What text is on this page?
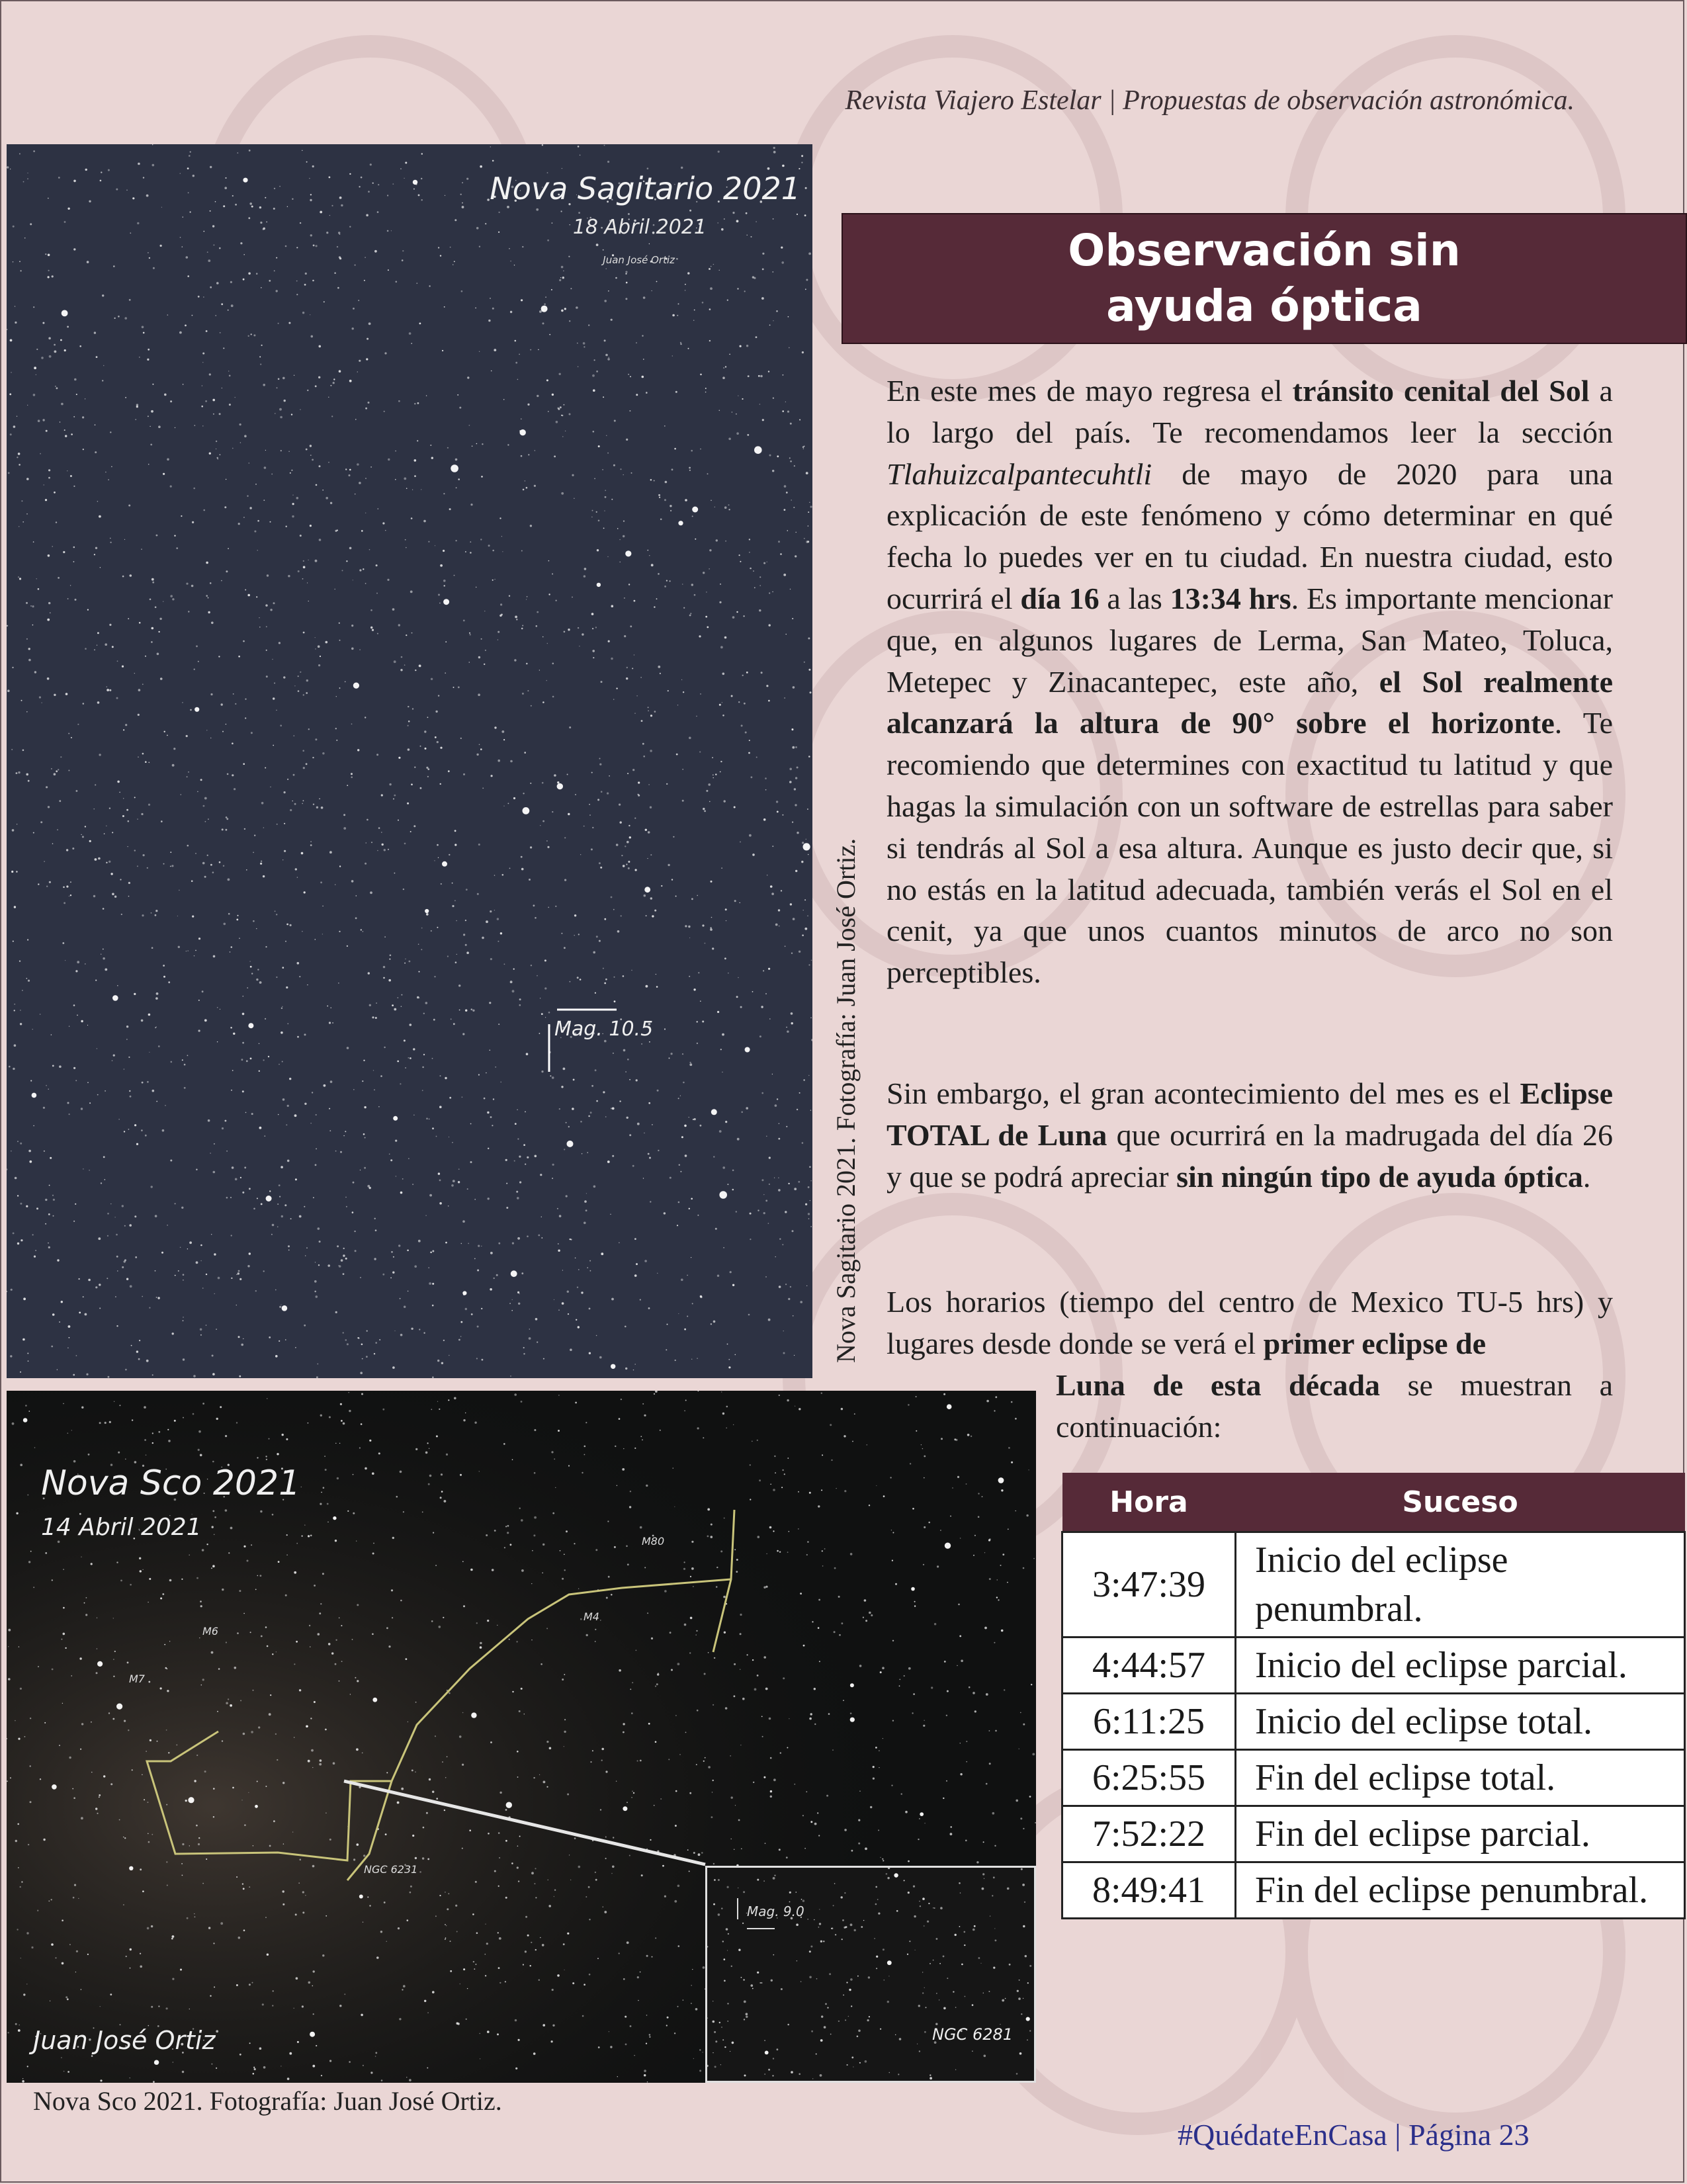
Revista Viajero Estelar | Propuestas de observación astronómica.
Nova Sagitario 2021
18 Abril 2021
Juan José Ortiz
Mag. 10.5	Nova Sagitario 2021. Fotografía: Juan José Ortiz.
Observación sin ayuda óptica
En este mes de mayo regresa el tránsito cenital del Sol a lo largo del país. Te recomendamos leer la sección Tlahuizcalpantecuhtli de mayo de 2020 para una explicación de este fenómeno y cómo determinar en qué fecha lo puedes ver en tu ciudad. En nuestra ciudad, esto ocurrirá el día 16 a las 13:34 hrs. Es importante mencionar que, en algunos lugares de Lerma, San Mateo, Toluca, Metepec y Zinacantepec, este año, el Sol realmente alcanzará la altura de 90° sobre el horizonte. Te recomiendo que determines con exactitud tu latitud y que hagas la simulación con un software de estrellas para saber si tendrás al Sol a esa altura. Aunque es justo decir que, si no estás en la latitud adecuada, también verás el Sol en el cenit, ya que unos cuantos minutos de arco no son perceptibles.
Sin embargo, el gran acontecimiento del mes es el Eclipse TOTAL de Luna que ocurrirá en la madrugada del día 26 y que se podrá apreciar sin ningún tipo de ayuda óptica.
Los horarios (tiempo del centro de Mexico TU-5 hrs) y lugares desde donde se verá el primer eclipse de
Luna de esta década se muestran a continuación:
Nova Sco 2021
14 Abril 2021
M80
M4
M6
M7
NGC 6231
Juan José Ortiz
Mag. 9.0
NGC 6281
Nova Sco 2021. Fotografía: Juan José Ortiz.
Hora	Suceso
3:47:39	Inicio del eclipse penumbral.
4:44:57	Inicio del eclipse parcial.
6:11:25	Inicio del eclipse total.
6:25:55	Fin del eclipse total.
7:52:22	Fin del eclipse parcial.
8:49:41	Fin del eclipse penumbral.
#QuédateEnCasa | Página 23
